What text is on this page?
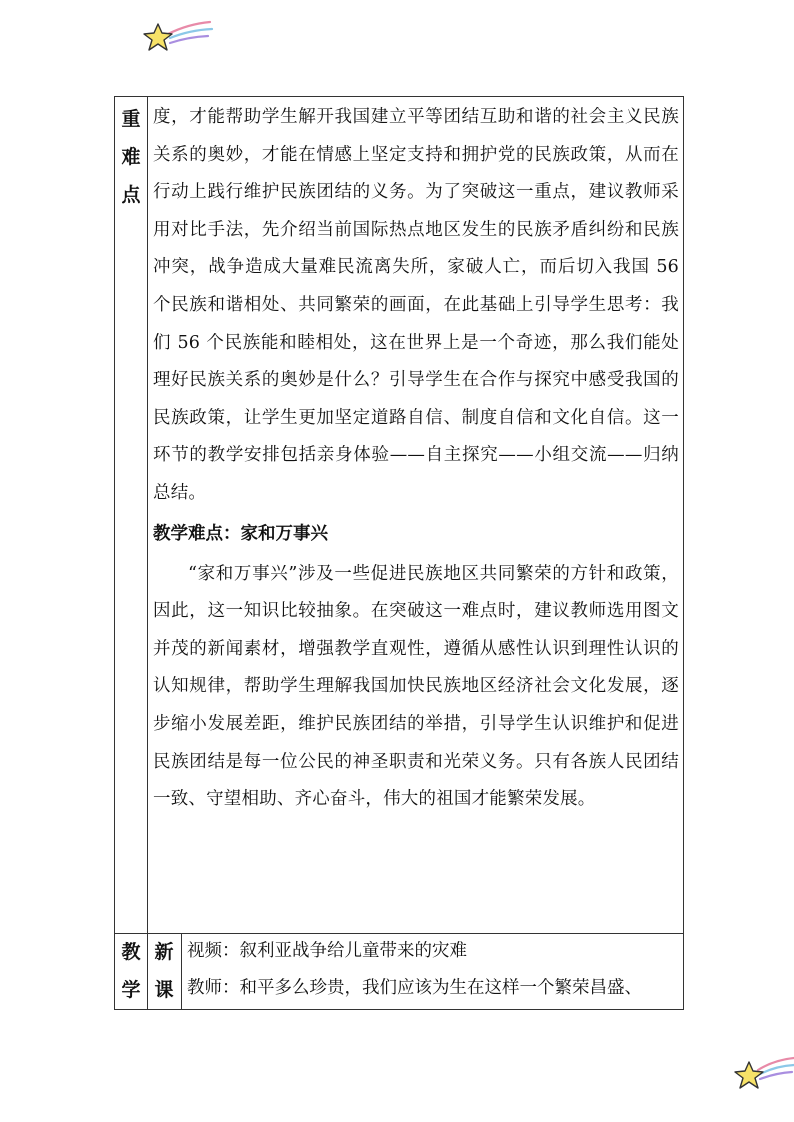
重
难
点

度，才能帮助学生解开我国建立平等团结互助和谐的社会主义民族关系的奥妙，才能在情感上坚定支持和拥护党的民族政策，从而在行动上践行维护民族团结的义务。为了突破这一重点，建议教师采用对比手法，先介绍当前国际热点地区发生的民族矛盾纠纷和民族冲突，战争造成大量难民流离失所，家破人亡，而后切入我国 56 个民族和谐相处、共同繁荣的画面，在此基础上引导学生思考：我们 56 个民族能和睦相处，这在世界上是一个奇迹，那么我们能处理好民族关系的奥妙是什么？引导学生在合作与探究中感受我国的民族政策，让学生更加坚定道路自信、制度自信和文化自信。这一环节的教学安排包括亲身体验——自主探究——小组交流——归纳总结。

教学难点：家和万事兴

“家和万事兴”涉及一些促进民族地区共同繁荣的方针和政策，因此，这一知识比较抽象。在突破这一难点时，建议教师选用图文并茂的新闻素材，增强教学直观性，遵循从感性认识到理性认识的认知规律，帮助学生理解我国加快民族地区经济社会文化发展，逐步缩小发展差距，维护民族团结的举措，引导学生认识维护和促进民族团结是每一位公民的神圣职责和光荣义务。只有各族人民团结一致、守望相助、齐心奋斗，伟大的祖国才能繁荣发展。

教
学
新
课

视频：叙利亚战争给儿童带来的灾难

教师：和平多么珍贵，我们应该为生在这样一个繁荣昌盛、
